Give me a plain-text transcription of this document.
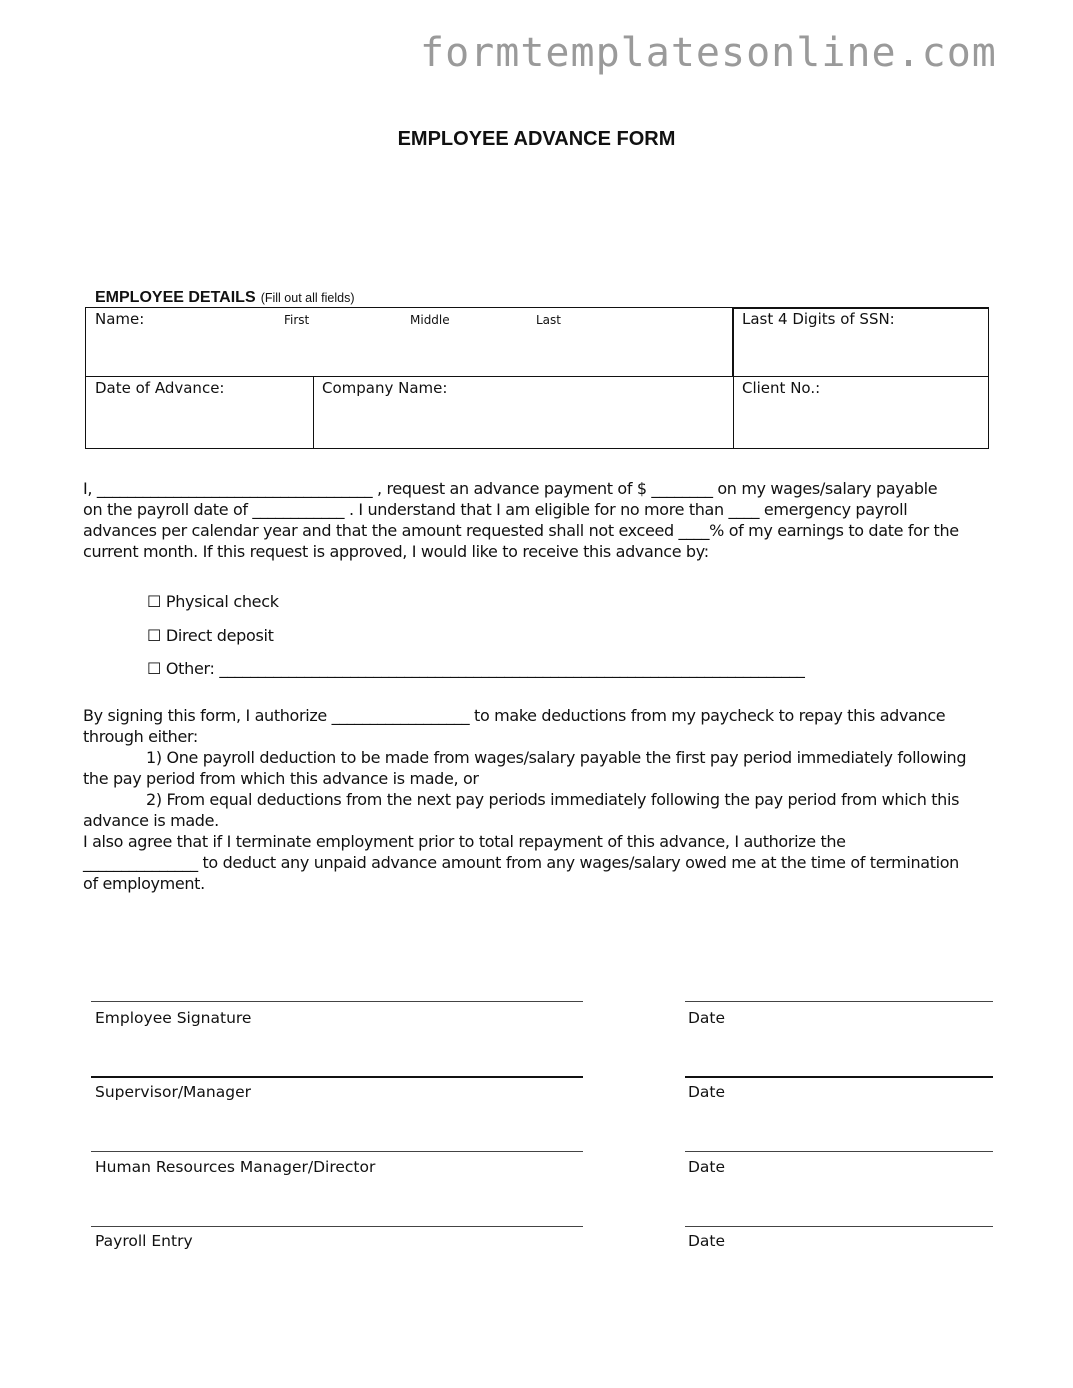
formtemplatesonline.com
EMPLOYEE ADVANCE FORM
EMPLOYEE DETAILS (Fill out all fields)
Name:	First	Middle	Last	Last 4 Digits of SSN:
Date of Advance:	Company Name:	Client No.:

I, ____________________________________ , request an advance payment of $ ________ on my wages/salary payable

on the payroll date of ____________ . I understand that I am eligible for no more than ____ emergency payroll

advances per calendar year and that the amount requested shall not exceed ____% of my earnings to date for the

current month. If this request is approved, I would like to receive this advance by:

☐ Physical check
☐ Direct deposit
☐ Other: ____________________________________________________________________________

By signing this form, I authorize __________________ to make deductions from my paycheck to repay this advance

through either:

1) One payroll deduction to be made from wages/salary payable the first pay period immediately following

the pay period from which this advance is made, or

2) From equal deductions from the next pay periods immediately following the pay period from which this

advance is made.

I also agree that if I terminate employment prior to total repayment of this advance, I authorize the

_______________ to deduct any unpaid advance amount from any wages/salary owed me at the time of termination

of employment.

Employee Signature	Date
Supervisor/Manager	Date
Human Resources Manager/Director	Date
Payroll Entry	Date
